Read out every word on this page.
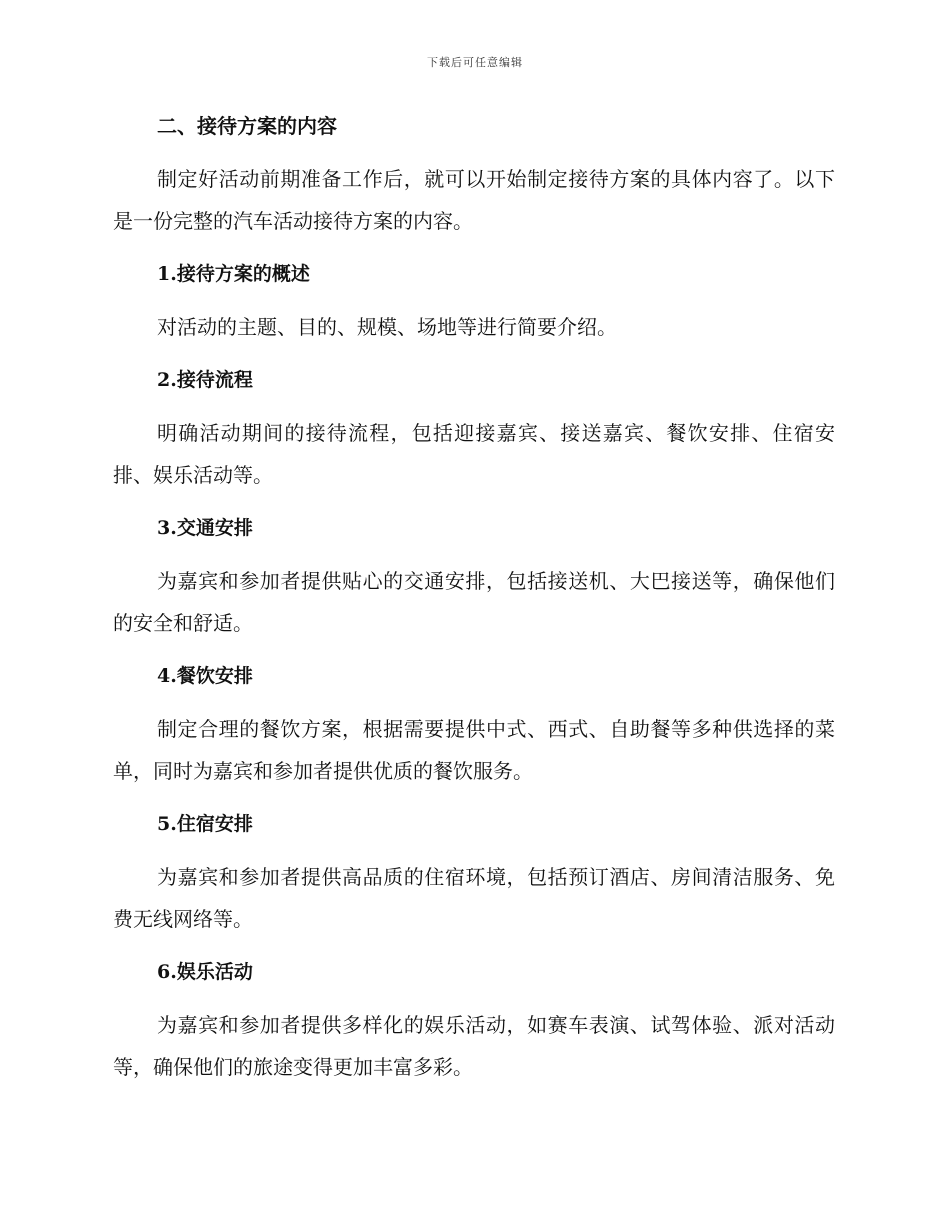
下载后可任意编辑
二、接待方案的内容

制定好活动前期准备工作后，就可以开始制定接待方案的具体内容了。以下是一份完整的汽车活动接待方案的内容。

1.接待方案的概述

对活动的主题、目的、规模、场地等进行简要介绍。

2.接待流程

明确活动期间的接待流程，包括迎接嘉宾、接送嘉宾、餐饮安排、住宿安排、娱乐活动等。

3.交通安排

为嘉宾和参加者提供贴心的交通安排，包括接送机、大巴接送等，确保他们的安全和舒适。

4.餐饮安排

制定合理的餐饮方案，根据需要提供中式、西式、自助餐等多种供选择的菜单，同时为嘉宾和参加者提供优质的餐饮服务。

5.住宿安排

为嘉宾和参加者提供高品质的住宿环境，包括预订酒店、房间清洁服务、免费无线网络等。

6.娱乐活动

为嘉宾和参加者提供多样化的娱乐活动，如赛车表演、试驾体验、派对活动等，确保他们的旅途变得更加丰富多彩。
